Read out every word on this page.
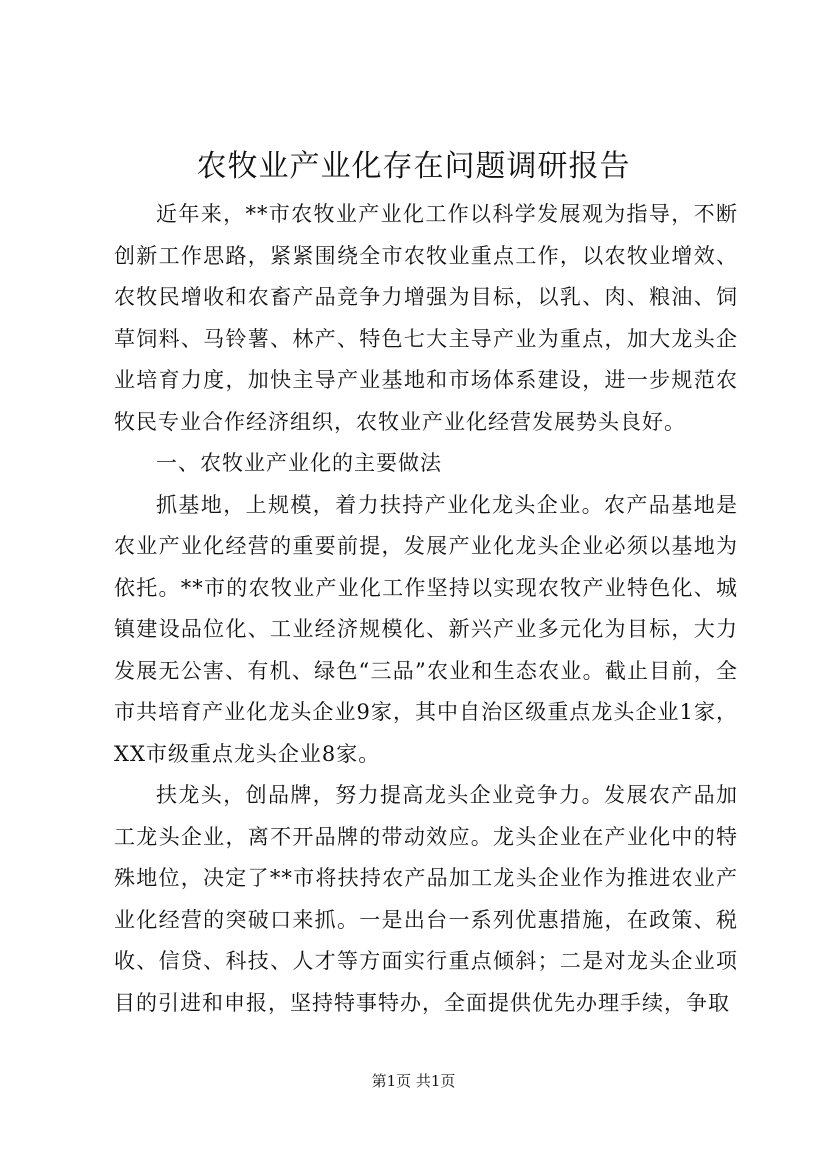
农牧业产业化存在问题调研报告

近年来，**市农牧业产业化工作以科学发展观为指导，不断创新工作思路，紧紧围绕全市农牧业重点工作，以农牧业增效、农牧民增收和农畜产品竞争力增强为目标，以乳、肉、粮油、饲草饲料、马铃薯、林产、特色七大主导产业为重点，加大龙头企业培育力度，加快主导产业基地和市场体系建设，进一步规范农牧民专业合作经济组织，农牧业产业化经营发展势头良好。

一、农牧业产业化的主要做法

抓基地，上规模，着力扶持产业化龙头企业。农产品基地是农业产业化经营的重要前提，发展产业化龙头企业必须以基地为依托。**市的农牧业产业化工作坚持以实现农牧产业特色化、城镇建设品位化、工业经济规模化、新兴产业多元化为目标，大力发展无公害、有机、绿色“三品”农业和生态农业。截止目前，全市共培育产业化龙头企业9家，其中自治区级重点龙头企业1家，XX市级重点龙头企业8家。

扶龙头，创品牌，努力提高龙头企业竞争力。发展农产品加工龙头企业，离不开品牌的带动效应。龙头企业在产业化中的特殊地位，决定了**市将扶持农产品加工龙头企业作为推进农业产业化经营的突破口来抓。一是出台一系列优惠措施，在政策、税收、信贷、科技、人才等方面实行重点倾斜；二是对龙头企业项目的引进和申报，坚持特事特办，全面提供优先办理手续，争取

第1页 共1页
